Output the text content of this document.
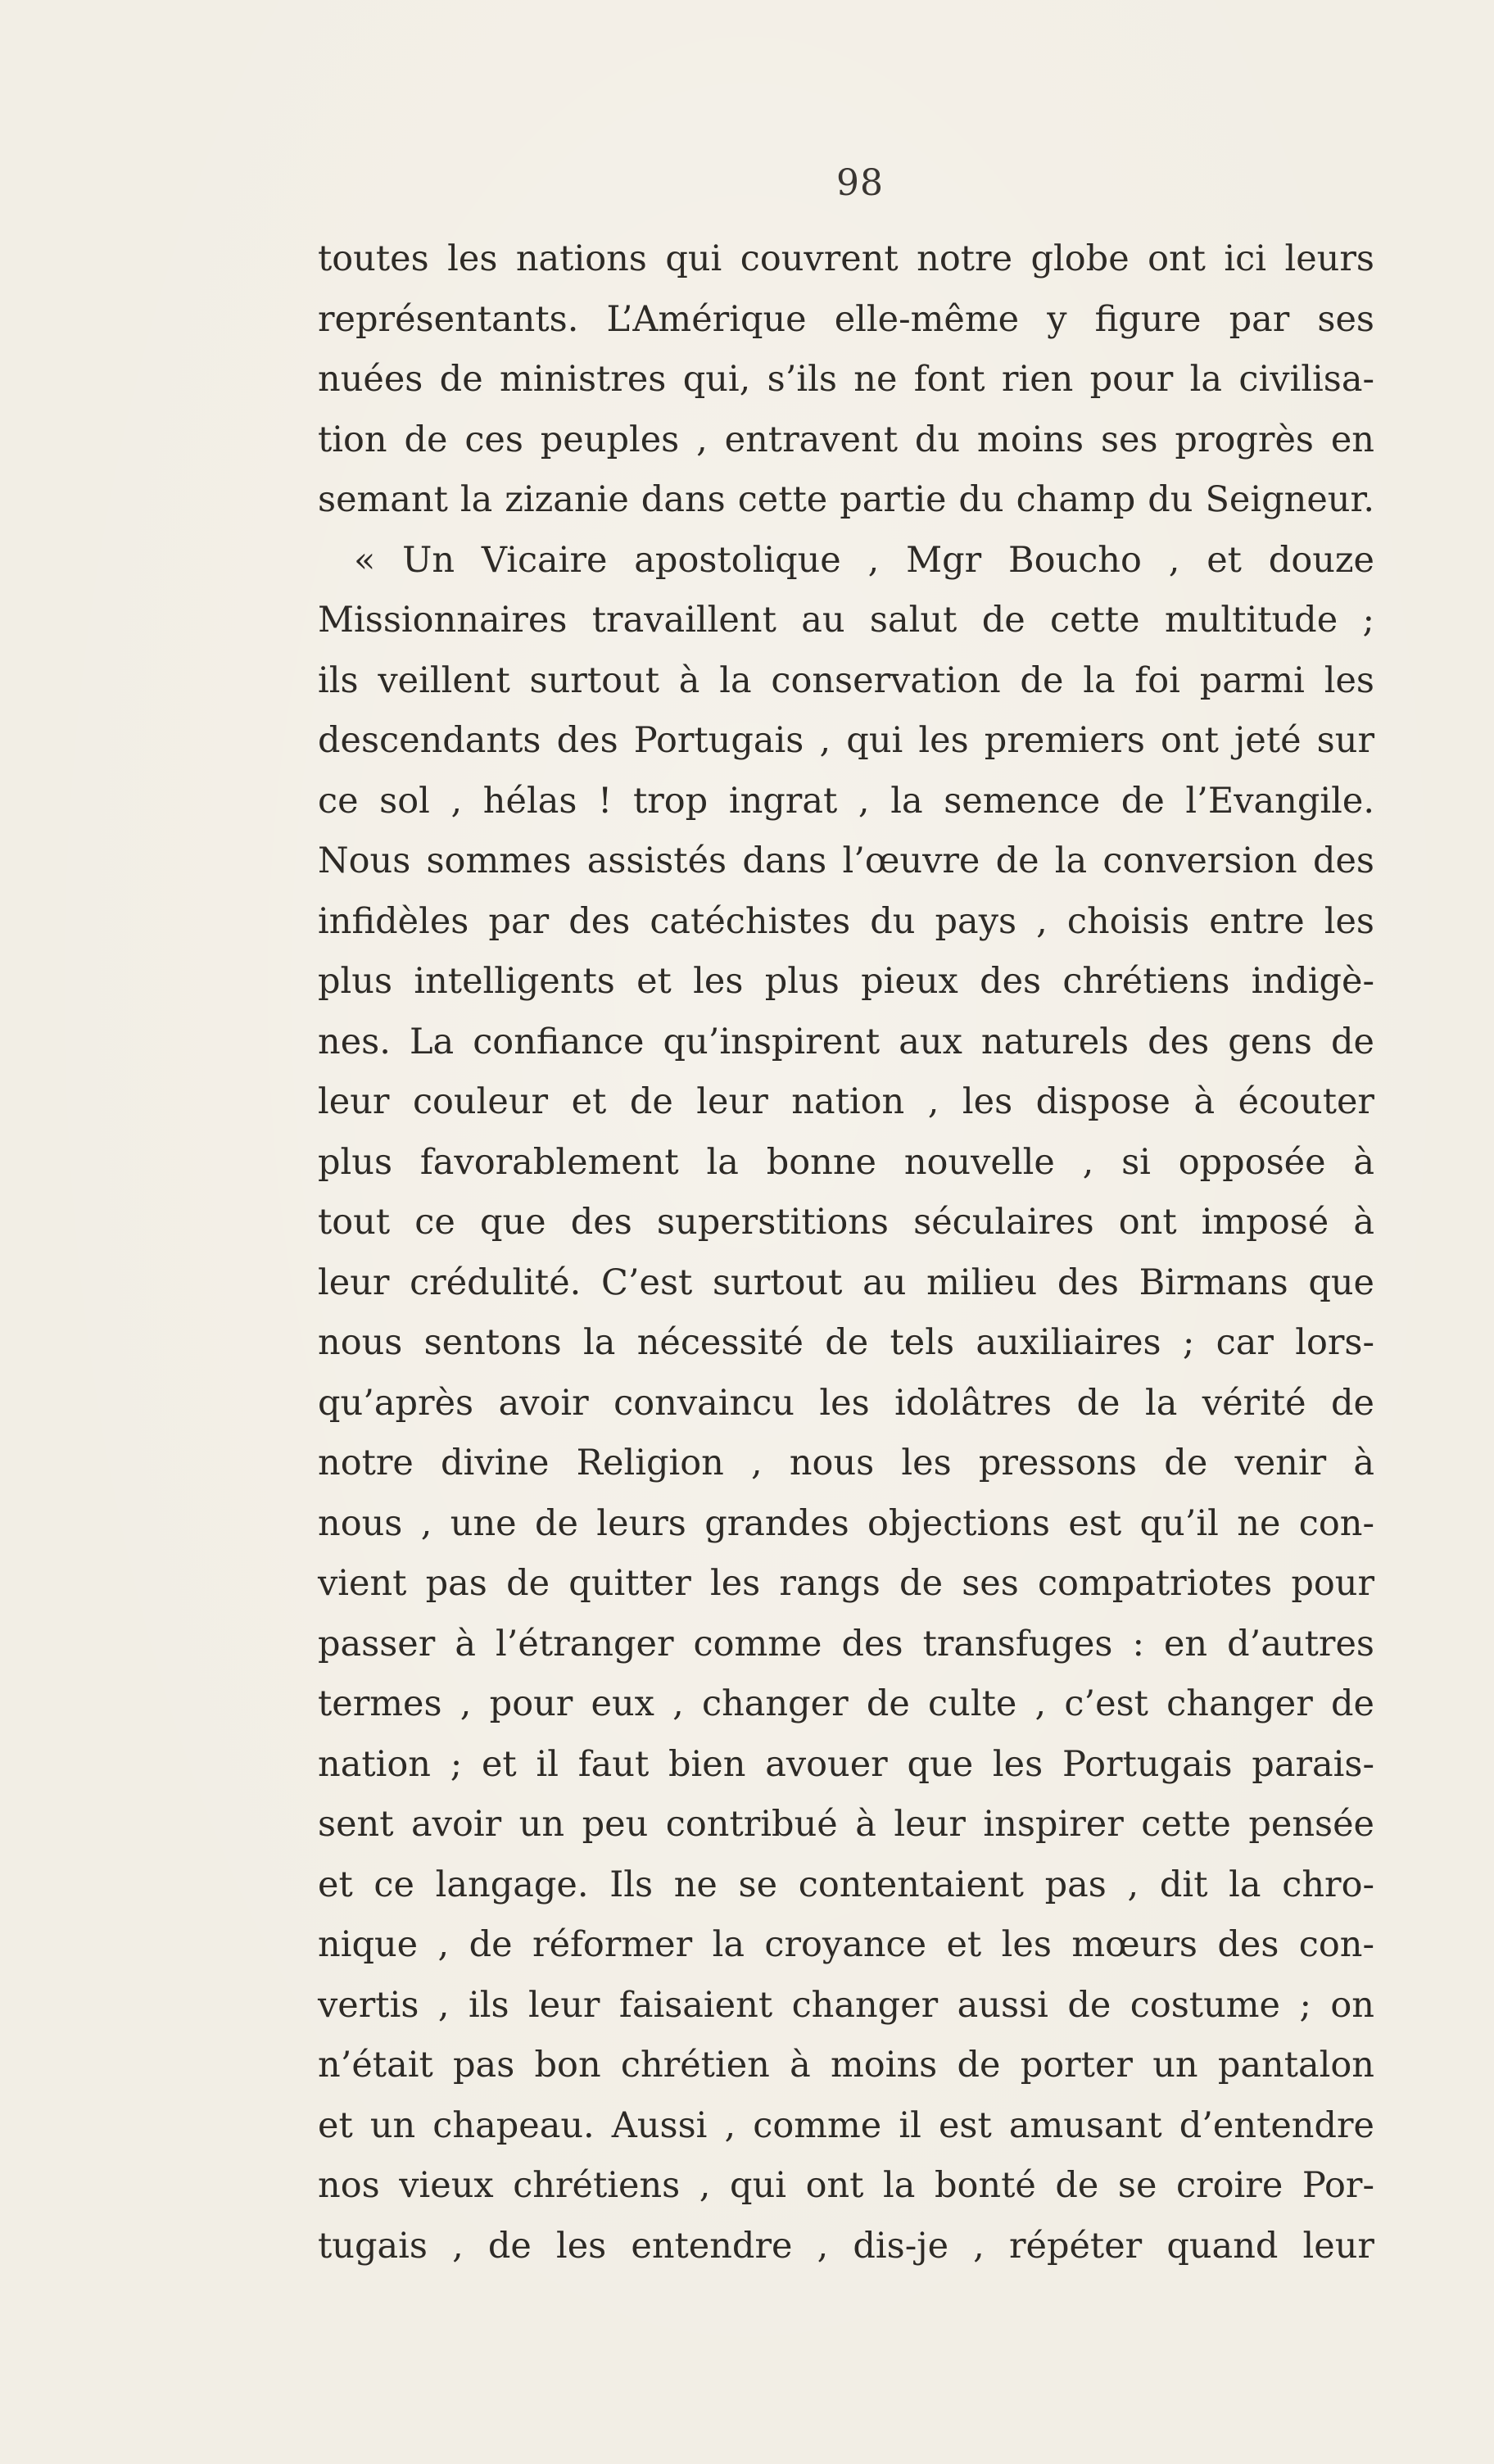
98
toutes les nations qui couvrent notre globe ont ici leurs
représentants. L’Amérique elle-même y figure par ses
nuées de ministres qui, s’ils ne font rien pour la civilisa-
tion de ces peuples , entravent du moins ses progrès en
semant la zizanie dans cette partie du champ du Seigneur.
« Un Vicaire apostolique , Mgr Boucho , et douze
Missionnaires travaillent au salut de cette multitude ;
ils veillent surtout à la conservation de la foi parmi les
descendants des Portugais , qui les premiers ont jeté sur
ce sol , hélas ! trop ingrat , la semence de l’Evangile.
Nous sommes assistés dans l’œuvre de la conversion des
infidèles par des catéchistes du pays , choisis entre les
plus intelligents et les plus pieux des chrétiens indigè-
nes. La confiance qu’inspirent aux naturels des gens de
leur couleur et de leur nation , les dispose à écouter
plus favorablement la bonne nouvelle , si opposée à
tout ce que des superstitions séculaires ont imposé à
leur crédulité. C’est surtout au milieu des Birmans que
nous sentons la nécessité de tels auxiliaires ; car lors-
qu’après avoir convaincu les idolâtres de la vérité de
notre divine Religion , nous les pressons de venir à
nous , une de leurs grandes objections est qu’il ne con-
vient pas de quitter les rangs de ses compatriotes pour
passer à l’étranger comme des transfuges : en d’autres
termes , pour eux , changer de culte , c’est changer de
nation ; et il faut bien avouer que les Portugais parais-
sent avoir un peu contribué à leur inspirer cette pensée
et ce langage. Ils ne se contentaient pas , dit la chro-
nique , de réformer la croyance et les mœurs des con-
vertis , ils leur faisaient changer aussi de costume ; on
n’était pas bon chrétien à moins de porter un pantalon
et un chapeau. Aussi , comme il est amusant d’entendre
nos vieux chrétiens , qui ont la bonté de se croire Por-
tugais , de les entendre , dis-je , répéter quand leur
